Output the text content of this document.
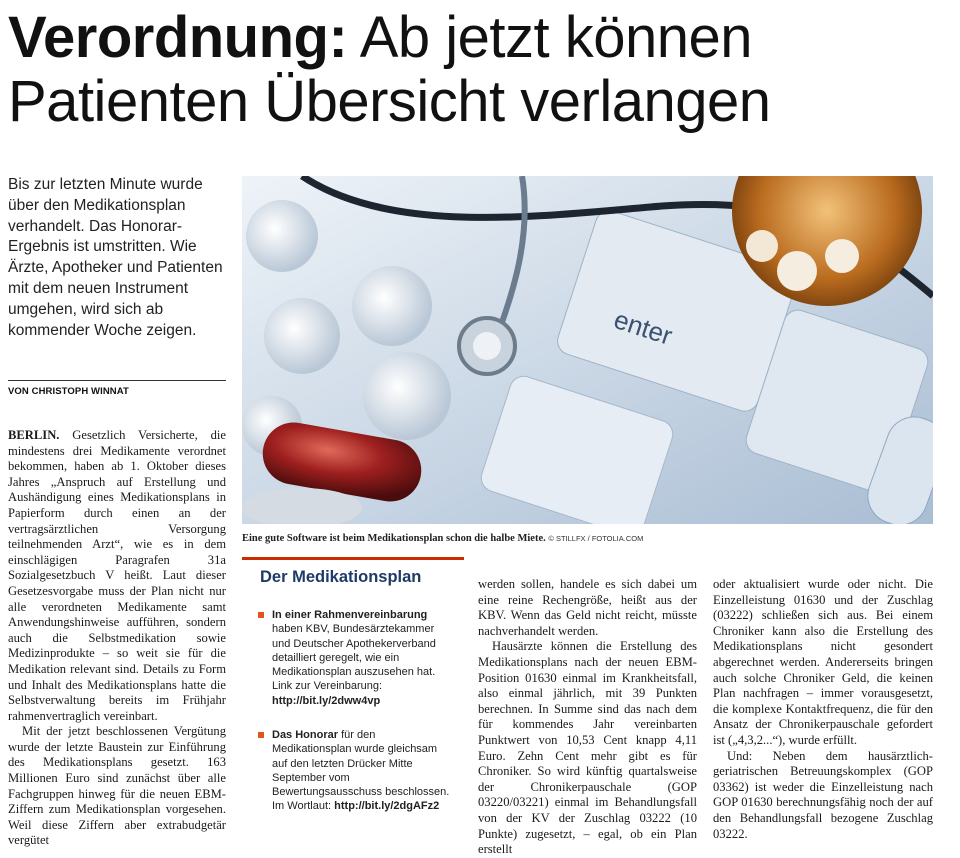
Verordnung: Ab jetzt können Patienten Übersicht verlangen
Bis zur letzten Minute wurde über den Medikationsplan verhandelt. Das Honorar-Ergebnis ist umstritten. Wie Ärzte, Apotheker und Patienten mit dem neuen Instrument umgehen, wird sich ab kommender Woche zeigen.
VON CHRISTOPH WINNAT

BERLIN. Gesetzlich Versicherte, die mindestens drei Medikamente verordnet bekommen, haben ab 1. Oktober dieses Jahres „Anspruch auf Erstellung und Aushändigung eines Medikationsplans in Papierform durch einen an der vertragsärztlichen Versorgung teilnehmenden Arzt“, wie es in dem einschlägigen Paragrafen 31a Sozialgesetzbuch V heißt. Laut dieser Gesetzesvorgabe muss der Plan nicht nur alle verordneten Medikamente samt Anwendungshinweise aufführen, sondern auch die Selbstmedikation sowie Medizinprodukte – so weit sie für die Medikation relevant sind. Details zu Form und Inhalt des Medikationsplans hatte die Selbstverwaltung bereits im Frühjahr rahmenvertraglich vereinbart.

Mit der jetzt beschlossenen Vergütung wurde der letzte Baustein zur Einführung des Medikationsplans gesetzt. 163 Millionen Euro sind zunächst über alle Fachgruppen hinweg für die neuen EBM-Ziffern zum Medikationsplan vorgesehen. Weil diese Ziffern aber extrabudgetär vergütet

enter
Eine gute Software ist beim Medikationsplan schon die halbe Miete. © STILLFX / FOTOLIA.COM
Der Medikationsplan
In einer Rahmenvereinbarung haben KBV, Bundesärztekammer und Deutscher Apothekerverband detailliert geregelt, wie ein Medikationsplan auszusehen hat. Link zur Vereinbarung: http://bit.ly/2dww4vp
Das Honorar für den Medikationsplan wurde gleichsam auf den letzten Drücker Mitte September vom Bewertungsausschuss beschlossen. Im Wortlaut: http://bit.ly/2dgAFz2

werden sollen, handele es sich dabei um eine reine Rechengröße, heißt aus der KBV. Wenn das Geld nicht reicht, müsste nachverhandelt werden.

Hausärzte können die Erstellung des Medikationsplans nach der neuen EBM-Position 01630 einmal im Krankheitsfall, also einmal jährlich, mit 39 Punkten berechnen. In Summe sind das nach dem für kommendes Jahr vereinbarten Punktwert von 10,53 Cent knapp 4,11 Euro. Zehn Cent mehr gibt es für Chroniker. So wird künftig quartalsweise der Chronikerpauschale (GOP 03220/03221) einmal im Behandlungsfall von der KV der Zuschlag 03222 (10 Punkte) zugesetzt, – egal, ob ein Plan erstellt

oder aktualisiert wurde oder nicht. Die Einzelleistung 01630 und der Zuschlag (03222) schließen sich aus. Bei einem Chroniker kann also die Erstellung des Medikationsplans nicht gesondert abgerechnet werden. Andererseits bringen auch solche Chroniker Geld, die keinen Plan nachfragen – immer vorausgesetzt, die komplexe Kontaktfrequenz, die für den Ansatz der Chronikerpauschale gefordert ist („4,3,2...“), wurde erfüllt.

Und: Neben dem hausärztlich-geriatrischen Betreuungskomplex (GOP 03362) ist weder die Einzelleistung nach GOP 01630 berechnungsfähig noch der auf den Behandlungsfall bezogene Zuschlag 03222.
